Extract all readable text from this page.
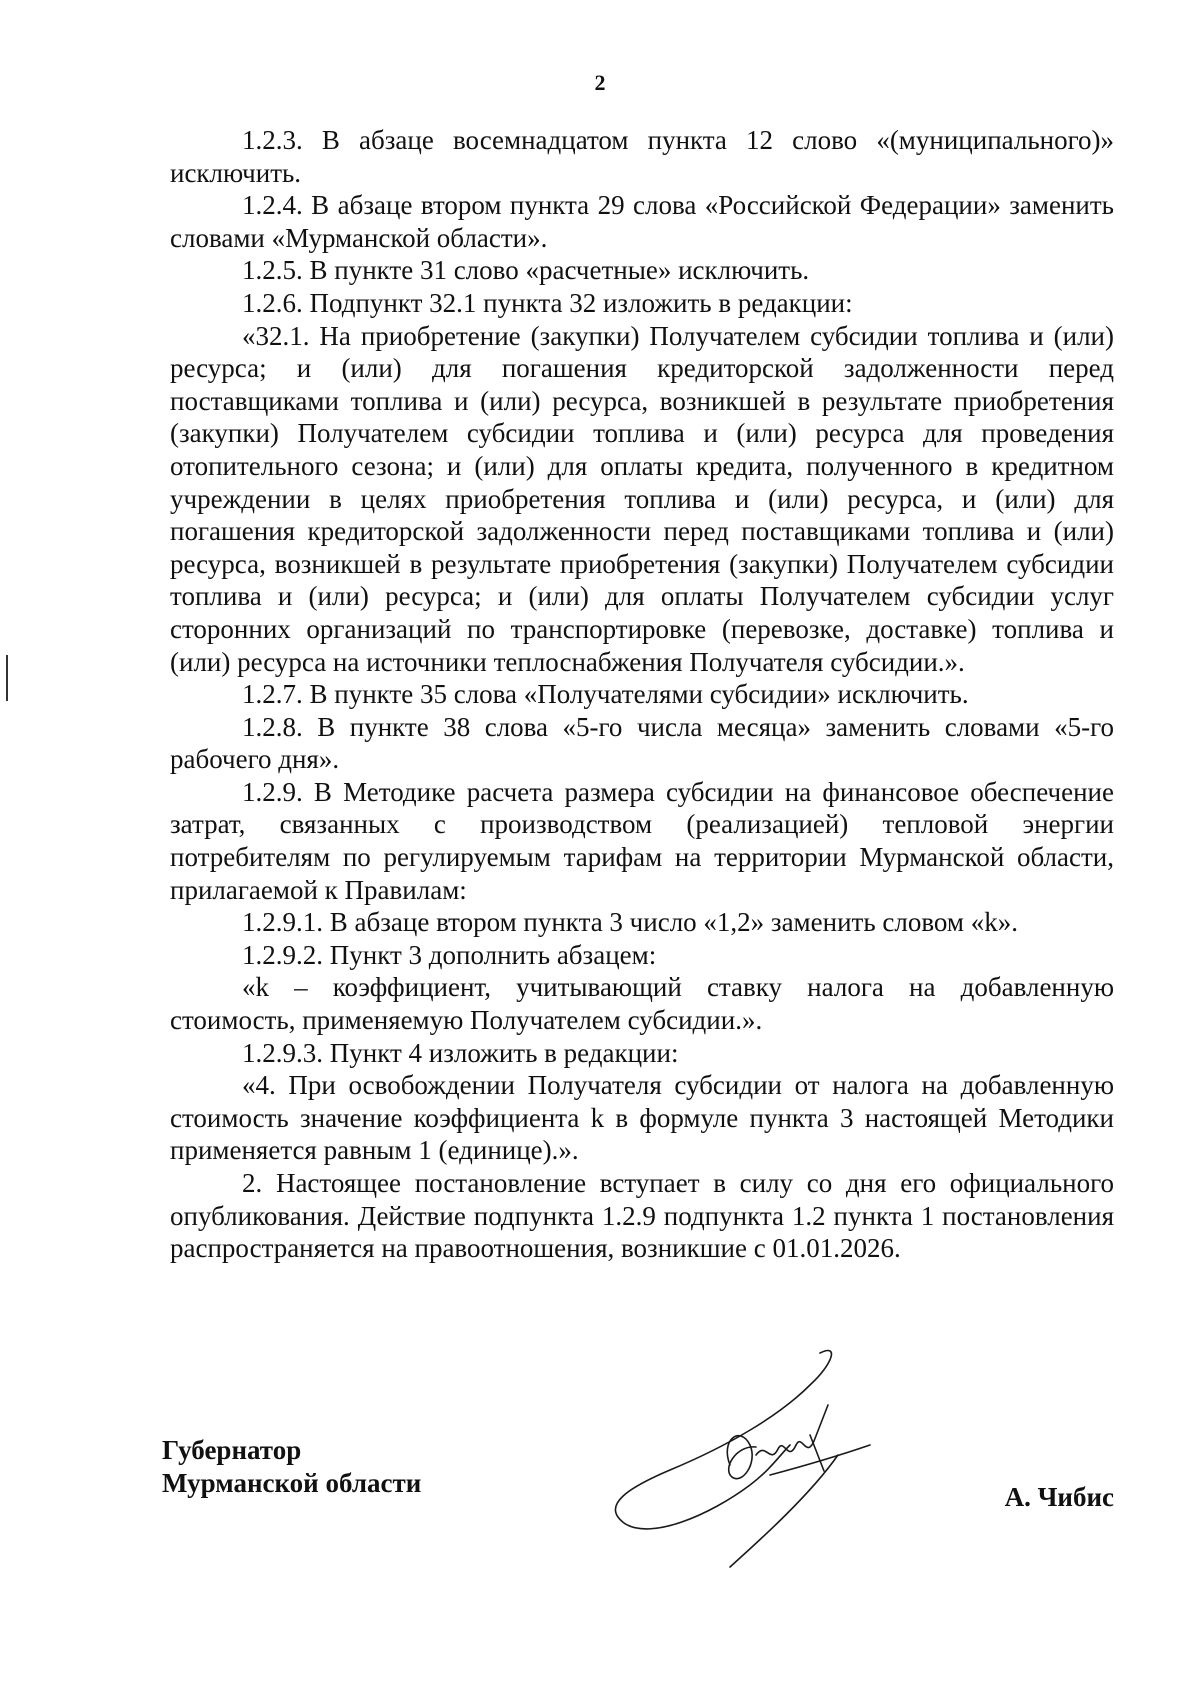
2

1.2.3. В абзаце восемнадцатом пункта 12 слово «(муниципального)» исключить.

1.2.4. В абзаце втором пункта 29 слова «Российской Федерации» заменить словами «Мурманской области».

1.2.5. В пункте 31 слово «расчетные» исключить.

1.2.6. Подпункт 32.1 пункта 32 изложить в редакции:

«32.1. На приобретение (закупки) Получателем субсидии топлива и (или) ресурса; и (или) для погашения кредиторской задолженности перед поставщиками топлива и (или) ресурса, возникшей в результате приобретения (закупки) Получателем субсидии топлива и (или) ресурса для проведения отопительного сезона; и (или) для оплаты кредита, полученного в кредитном учреждении в целях приобретения топлива и (или) ресурса, и (или) для погашения кредиторской задолженности перед поставщиками топлива и (или) ресурса, возникшей в результате приобретения (закупки) Получателем субсидии топлива и (или) ресурса; и (или) для оплаты Получателем субсидии услуг сторонних организаций по транспортировке (перевозке, доставке) топлива и (или) ресурса на источники теплоснабжения Получателя субсидии.».

1.2.7. В пункте 35 слова «Получателями субсидии» исключить.

1.2.8. В пункте 38 слова «5-го числа месяца» заменить словами «5-го рабочего дня».

1.2.9. В Методике расчета размера субсидии на финансовое обеспечение затрат, связанных с производством (реализацией) тепловой энергии потребителям по регулируемым тарифам на территории Мурманской области, прилагаемой к Правилам:

1.2.9.1. В абзаце втором пункта 3 число «1,2» заменить словом «k».

1.2.9.2. Пункт 3 дополнить абзацем:

«k – коэффициент, учитывающий ставку налога на добавленную стоимость, применяемую Получателем субсидии.».

1.2.9.3. Пункт 4 изложить в редакции:

«4. При освобождении Получателя субсидии от налога на добавленную стоимость значение коэффициента k в формуле пункта 3 настоящей Методики применяется равным 1 (единице).».

2. Настоящее постановление вступает в силу со дня его официального опубликования. Действие подпункта 1.2.9 подпункта 1.2 пункта 1 постановления распространяется на правоотношения, возникшие с 01.01.2026.

Губернатор
Мурманской области	А. Чибис
